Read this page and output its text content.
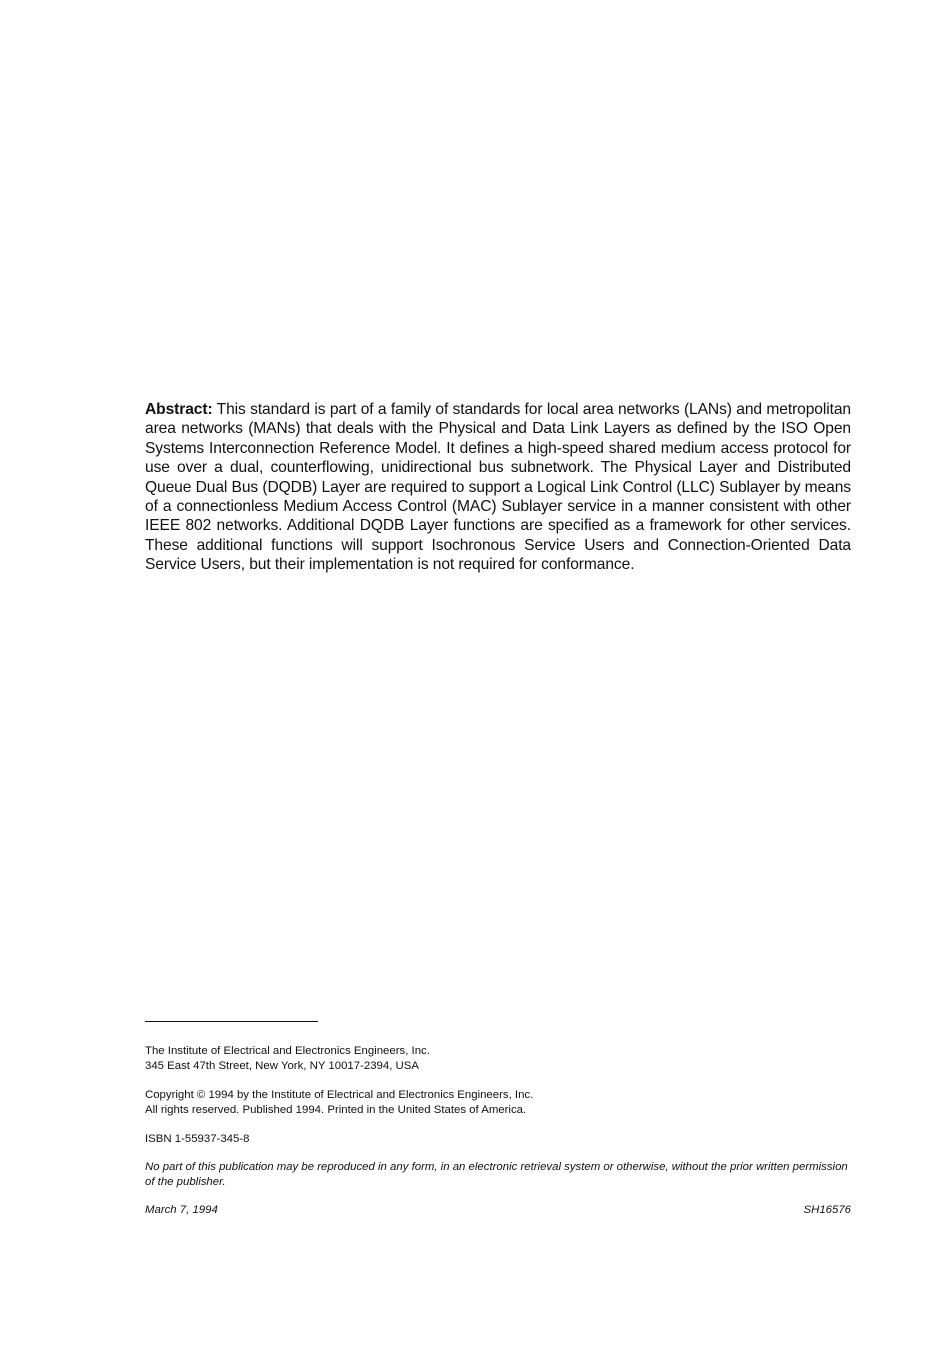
Abstract: This standard is part of a family of standards for local area networks (LANs) and metropolitan area networks (MANs) that deals with the Physical and Data Link Layers as defined by the ISO Open Systems Interconnection Reference Model. It defines a high-speed shared medium access protocol for use over a dual, counterflowing, unidirectional bus subnetwork. The Physical Layer and Distributed Queue Dual Bus (DQDB) Layer are required to support a Logical Link Control (LLC) Sublayer by means of a connectionless Medium Access Control (MAC) Sublayer service in a manner consistent with other IEEE 802 networks. Additional DQDB Layer functions are specified as a framework for other services. These additional functions will support Isochronous Service Users and Connection-Oriented Data Service Users, but their implementation is not required for conformance.

The Institute of Electrical and Electronics Engineers, Inc.
345 East 47th Street, New York, NY 10017-2394, USA
Copyright © 1994 by the Institute of Electrical and Electronics Engineers, Inc.
All rights reserved. Published 1994. Printed in the United States of America.
ISBN 1-55937-345-8
No part of this publication may be reproduced in any form, in an electronic retrieval system or otherwise, without the prior written permission of the publisher.
March 7, 1994	SH16576
